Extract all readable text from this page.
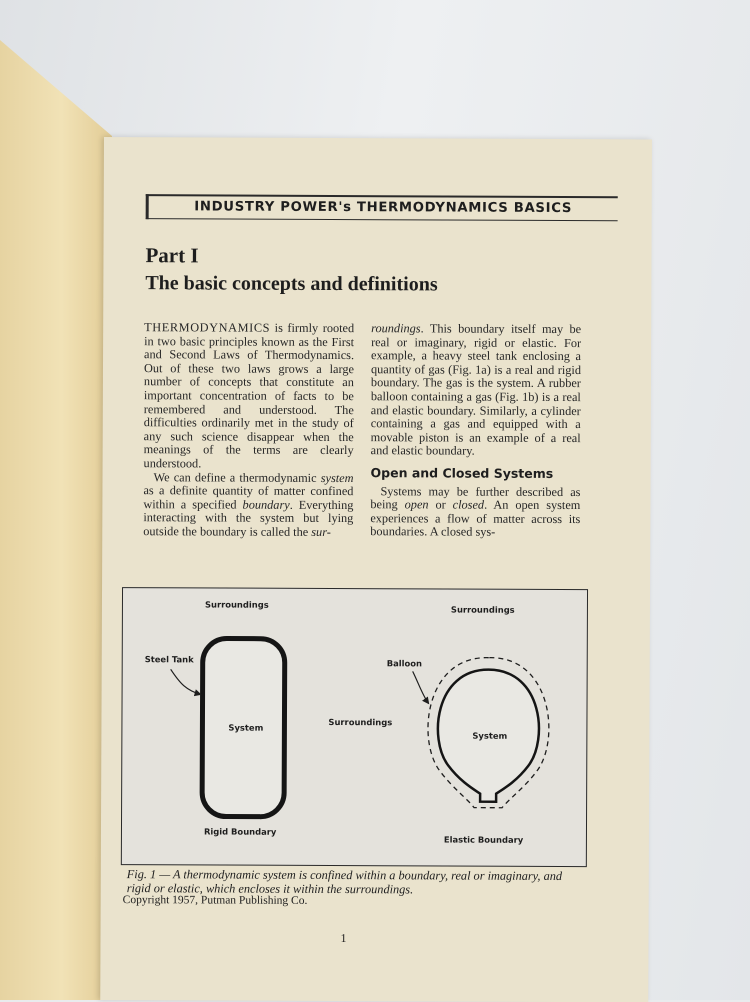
INDUSTRY POWER's THERMODYNAMICS BASICS
Part I
The basic concepts and definitions

THERMODYNAMICS is firmly rooted in two basic principles known as the First and Second Laws of Thermodynamics. Out of these two laws grows a large number of concepts that constitute an important concentration of facts to be remembered and understood. The difficulties ordinarily met in the study of any such science disappear when the meanings of the terms are clearly understood.

We can define a thermodynamic system as a definite quantity of matter confined within a specified boundary. Everything interacting with the system but lying outside the boundary is called the sur-

roundings. This boundary itself may be real or imaginary, rigid or elastic. For example, a heavy steel tank enclosing a quantity of gas (Fig. 1a) is a real and rigid boundary. The gas is the system. A rubber balloon containing a gas (Fig. 1b) is a real and elastic boundary. Similarly, a cylinder containing a gas and equipped with a movable piston is an example of a real and elastic boundary.

Open and Closed Systems

Systems may be further described as being open or closed. An open system experiences a flow of matter across its boundaries. A closed sys-

Surroundings	Surroundings
Surroundings
Steel Tank	Balloon
System
System
Rigid Boundary
Elastic Boundary
Fig. 1 — A thermodynamic system is confined within a boundary, real or imaginary, and rigid or elastic, which encloses it within the surroundings.
Copyright 1957, Putman Publishing Co.
1
